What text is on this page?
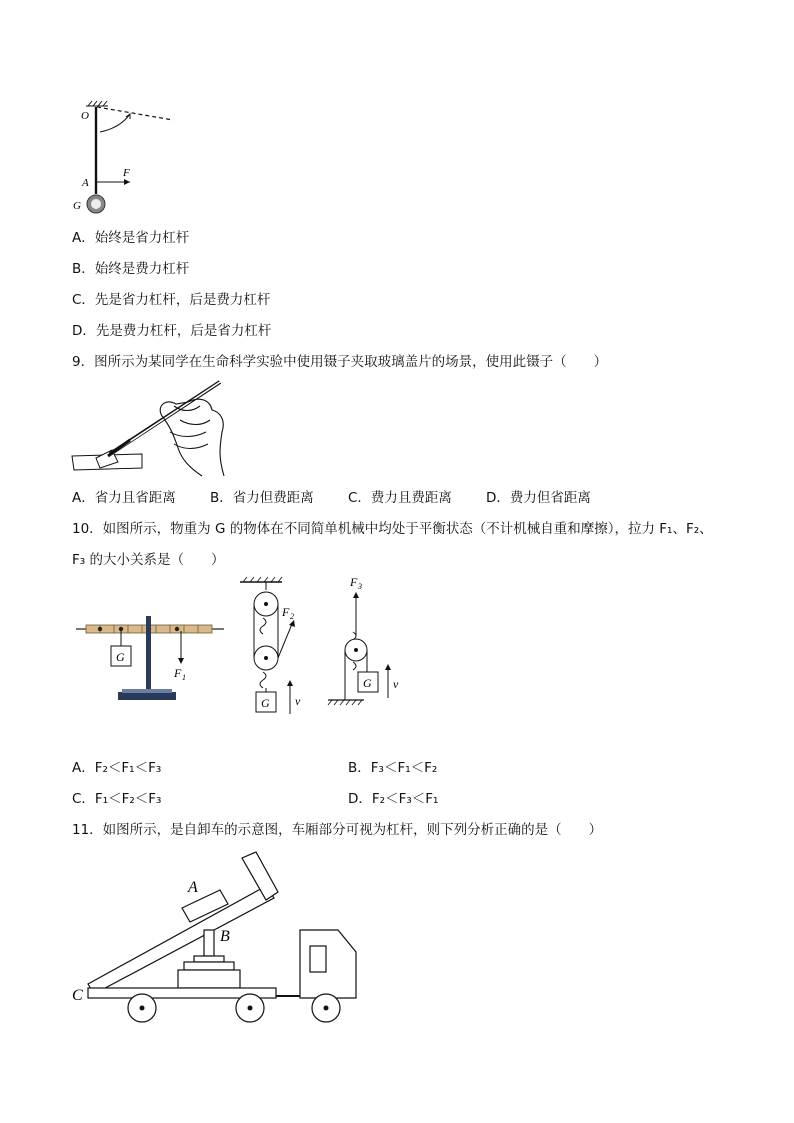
O
A
F
G
A．始终是省力杠杆
B．始终是费力杠杆
C．先是省力杠杆，后是费力杠杆
D．先是费力杠杆，后是省力杠杆
9．图所示为某同学在生命科学实验中使用镊子夹取玻璃盖片的场景，使用此镊子（　　）
A．省力且省距离	B．省力但费距离	C．费力且费距离	D．费力但省距离
10．如图所示，物重为 G 的物体在不同简单机械中均处于平衡状态（不计机械自重和摩擦），拉力 F₁、F₂、
F₃ 的大小关系是（　　）
G
F 1
F 2
G v
F 3
G v
A．F₂＜F₁＜F₃	B．F₃＜F₁＜F₂
C．F₁＜F₂＜F₃	D．F₂＜F₃＜F₁
11．如图所示，是自卸车的示意图，车厢部分可视为杠杆，则下列分析正确的是（　　）
A
B
C
